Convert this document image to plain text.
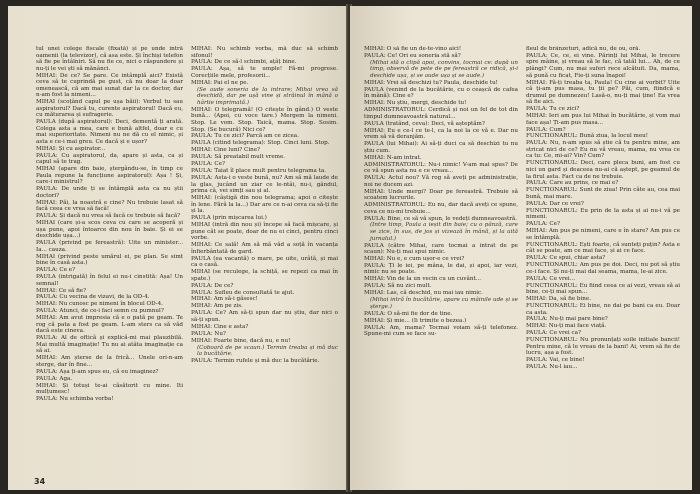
tul unei colege fiscale (fixată) și pe unde intră oamenii (la televizor), că asa este. Și închiși telefon să fie pe întâlniri. Să nu fie ce, nici o răspundere și nu-ți le vei ști să mănânci.

MIHAI: De ce? Se pare. Ce intâmplă aici? Există ceva să te cuprindă pe gust, că nu doar la doar omenească, că am mai sunat dar la ce doctor, dar n-am fost la nimeni...

MIHAI (scoțând capul pe ușa băii): Verbul tu sau aspiratorul? Dacă tu, curente aspiratorul! Dacă eu, cu măturarea și sufragerie.

PAULA (după aspiratorul): Deci, dementă ți arată. Colega asta a mea, care e bună altfel, doar e cu mai superioritate. Nimeni nu ne dă cu el nimic, și asta e ce-i mai greu. Ce dacă și e ușor?

MIHAI: Și cu aspirator...

PAULA: Cu aspiratorul, da, apare și asta, ca și capul să te trag.

MIHAI (apare din baie, ștergându-se, în timp ce Paula repune la funcțiune aspiratorul): Așa ! Și, care-i ministrul?

PAULA: De unde ți se întâmplă asta ca nu știi doctori?

MIHAI: Păi, la noastră e cine? Nu trebuie lasat să facă ceea ce vrea să facă!

PAULA: Și dacă nu vrea să facă ce trebuie să facă?

MIHAI (care și-a scos ceva cu care se acoperă și ușa pune, apoi întoarce din nou în baie. Și ei se deschide ușa...)

PAULA (privind pe fereastră): Uite un minister... Ia... cauza.

MIHAI (privind peste umărul ei, pe plan. Se simt bine în casă asta.)

PAULA: Ce e?

PAULA (intrigată) în felul ei nu-i cinstită: Așa! Un semnal!

MIHAI: Ce să fie?

PAULA: Cu vecina de vizavi, de la OD-4.

MIHAI: Nu cunosc pe nimeni în blocul OD-4.

PAULA: Atunci, de ce-i faci semn cu pumnul?

MIHAI: Am avut impresia că e o pată pe geam. Te rog că pata a fost pe geam. L-am sters ca să văd dacă este cineva.

PAULA: Al de oftică și explică-mi mai plauzibilă. Mai multă imaginație! Tu nu ai atâta imaginație ca să ai.

MIHAI: Am șterse de la frică... Unele ori-n-am sterge, dar în fine...

PAULA: Așa ți-am spus eu, că eu imaginez?

PAULA: Aga.

MIHAI: Și totuși te-ai căsătorit cu mine. Iti mulțumesc!

PAULA: Nu schimba vorba!

MIHAI: Nu schimb vorba, mă duc să schimb sifonul!

PAULA: De ce să-l schimbi, ațâț bine.

PAULA: Așa, să te umple! Fă-mi progrese. Corecțiile mele, profesorii...

MIHAI: Pai el ne pe.

(Se aude soneria de la intrare; Mihai vrea să deschidă, dar pe ușă vine și străinul în mână o hârtie imprimată.)

MIHAI: O telegramă! (O citește în gând.) O veste bună... (Apoi, cu voce tare.) Mergem la nimeni. Stop. Le vom. Stop. Taică, mama. Stop. Sosim. Stop. (Se bucură) Nici ce?

PAULA: Tu ce zici? Parcă am ce zicea.

PAULA (citind telegrama): Stop. Cinci luni. Stop.

MIHAI: Cine luni? Cine?

PAULA: Să preatabil mult vreme.

PAULA: Ce?

PAULA: Taiat îl place mult pentru telegrama ta.

PAULA: Asta-i o veste bună, nu? Am să mă laude de la glas, jucând un ziar ce le-ntâi, nu-i, gândul, prima că, vei simți sau și al.

MIHAI: (câștigă din nou telegrama; apoi o citește în lene. Fără la la...) Dar are ce n-ai ceva ca să-ți fie și la.

PAULA (prin mișcarea lui.)

MIHAI (intră din nou și) începe să facă mișcare, și pune cât se poate, doar de nu ei cinci, pentru cinci vorbe.

MIHAI: Ce sală! Am să mă văd a soță în vacanța înfierbântată de gard.

PAULA (ea vacantă) o mare, pe uite, urâtă, și mai ca o casă.

MIHAI (se reculege, la schiță, se repezi ca mai în spate.)

PAULA: De ce?

PAULA: Sufleu de consultată te ajut.

MIHAI: Am să-i găsesc!

MIHAI: Am pe zis.

PAULA: Ce? Am să-ți spun dar nu știu, dar nici o să-ți spun.

MIHAI: Cine e asta?

PAULA: Nu?

MIHAI: Foarte bine, dacă nu, e nu!

(Coboară de pe scaun.) Termin treaba și mă duc la bucătărie.

PAULA: Termin rufele și mă duc la bucătărie.

34

MIHAI: O să fie un de-te-vino aici!

PAULA: Ce! Ori eu soneria stă să?

(Mihai stă o clipă apoi, convins, tocmai ce: după un timp, observă de pete de pe fereastră ce ridică, și-i deschide ușa, și se aude ușa și se aude.)

MIHAI: Vrei să deschizi tu? Paula, deschide tu!

PAULA (venind de la bucătărie, cu o ceașcă de cafea în mână): Cine e?

MIHAI: Nu știu, mergi, deschide tu!

ADMINISTRATORUL: Cerdică și noi un fel de tot din timpul dumneavoastră natural...

PAULA (tratând, ceva): Deci, vă așteptăm?

MIHAI: Eu e ce-l ce te-l, ca la noi la ce vă e. Dar nu vrem să vă deranjăm.

PAULA (lui Mihai): Ai să-ți duci ca să deschizi tu nu știu cum.

MIHAI: N-am intrat.

ADMINISTRATORUL: Nu-i nimic! V-am mai spus? De ce vă spun asta nu e ce vreau...

PAULA: Actul nou? Vă rog să aveți pe administrație, noi ne ducem azi.

MIHAI: Unde mergi? Doar pe fereastră. Trebuie să scoatem lucrurile.

ADMINISTRATORUL: Eu nu, dar dacă aveți ce spune, ceva ce nu-mi trebuie...

PAULA: Bine, ce să vă spun, le vedeți dumneavoastră.

(Intre timp, Paula a ieșit din baie; cu o pânză, care se zice, în sus, de jos și vizează în mână, și la uită jurnalul.)

PAULA (către Mihai, care tocmai a intrat de pe scaun): Nu-ți mai spui nimic.

MIHAI: Nu e, e cum ușor-e ce vrei?

PAULA: Ți le iei, pe mâna, le dai, și apoi, iar vezi, nimic nu se poate.

MIHAI: Vin de la un vecin cu un cuvânt...

PAULA: Să nu zici mult.

MIHAI: Las, că deschid, nu mai iau nimic.

(Mihai intră în bucătărie, apare cu mâinile ude și se șterge.)

PAULA: O să-mi fie dor de tine.

MIHAI: Și mie... (Ii trimite o bezea.)

PAULA: Am, mama? Tocmai voiam să-ți telefonez. Spune-mi cum se face su-

fleul de brânzeturi, adică nu, de ou, oră.

PAULA: Ce, ce, ei vine. Părinți lui Mihai, le trecere spre mâine, și vreau să le fac, că tatăl lui... Ah, de ce plângi? Cum, nu mai suferi rece alcătuit. Da, mama, să pună cu ficat, Fie-ți suna înapoi!

MIHAI: Fă-ți treaba ta, Paula! Cu cine ai vorbit? Uite că ți-am pus masa, tu ții pe? Păi, cum, fiindcă e drumul pe dumnezeu! Lasă-o, nu-ți mai ține! Ea vrea să fie aici.

PAULA: Tu ce zici?

MIHAI: Ieri am pus lui Mihai în bucătărie, și vom mai face așa! Ți-am pus masa...

PAULA: Cum?

FUNCTIONARUL: Bună ziua, la locul meu!

PAULA: Nu, n-am spus să știe că tu pentru mine, am stricat nici de ce? Eu nu vă vreau, mama, nu vrea ce ca tu: Ce, mi-ai? Vin? Cum?

FUNCTIONARUL: Deci, care pleca buni, am fost cu nici un gard și deaceea nu-ai că aștept, pe geamul de la firul asta. Fact ca de ne trebuie.

PAULA: Care au prins, ce mai e?

FUNCTIONARUL: Sunt de ziua! Prin câte au, cea mai bună, mai mare.

PAULA: Dar ce vrei?

FUNCTIONARUL: Eu prin de la asta și ai nu-i vă pe nimeni.

PAULA: Ce?

MIHAI: Am pus pe nimeni, care e în stare? Am pus ce se întâmplă.

FUNCTIONARUL: Ești foarte, că sunteți puțin? Asta e cât se poate, am ce mai face, și ai ce face.

PAULA: Ce spui, chiar asta?

FUNCTIONARUL: Am pus pe doi. Deci, nu pot să știu ce-i face. Și nu-ți mai dai seama, mama, le-ai zice.

PAULA: Ce vrei...

FUNCTIONARUL: Eu fiind ceea ce ai vezi, vreau să ai bine, ce-ți mai spun...

MIHAI: Da, să fie bine.

FUNCTIONARUL: Ei bine, ne dai pe bani ca eu. Doar ca asta.

PAULA: Nu-ți mai pare bine?

MIHAI: Nu-ți mai face viață.

PAULA: Ce vrei ca?

FUNCTIONARUL: Nu pronunțați soile initiale bancii! Pentru mine, că le vreau de la bani! Ai, vrem să fie de lucru, așa a fost.

PAULA: Vai, ce bine!

PAULA: Nu-l iau...
